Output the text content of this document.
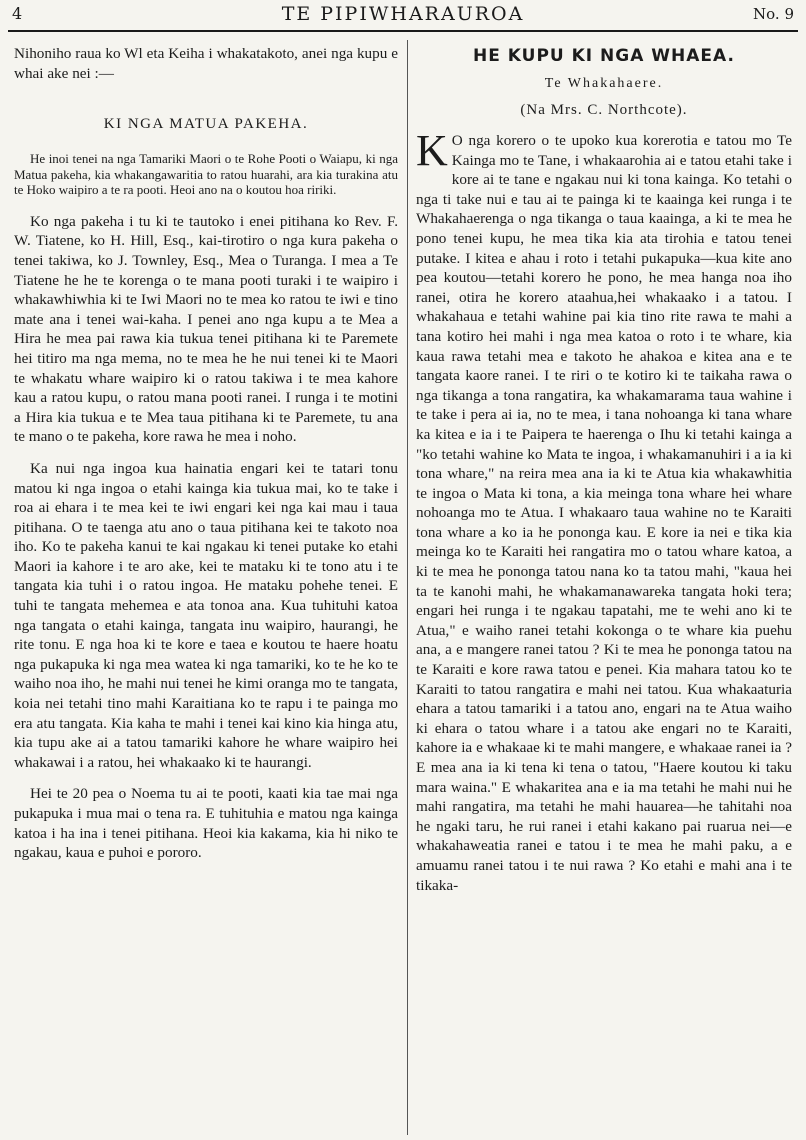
4	TE PIPIWHARAUROA	No. 9

Nihoniho raua ko Wl eta Keiha i whakatakoto, anei nga kupu e whai ake nei :—

KI NGA MATUA PAKEHA.

He inoi tenei na nga Tamariki Maori o te Rohe Pooti o Waiapu, ki nga Matua pakeha, kia whakangawaritia to ratou huarahi, ara kia turakina atu te Hoko waipiro a te ra pooti. Heoi ano na o koutou hoa ririki.

Ko nga pakeha i tu ki te tautoko i enei pitihana ko Rev. F. W. Tiatene, ko H. Hill, Esq., kai-tirotiro o nga kura pakeha o tenei takiwa, ko J. Townley, Esq., Mea o Turanga. I mea a Te Tiatene he he te korenga o te mana pooti turaki i te waipiro i whakawhiwhia ki te Iwi Maori no te mea ko ratou te iwi e tino mate ana i tenei wai-kaha. I penei ano nga kupu a te Mea a Hira he mea pai rawa kia tukua tenei pitihana ki te Paremete hei titiro ma nga mema, no te mea he he nui tenei ki te Maori te whakatu whare waipiro ki o ratou takiwa i te mea kahore kau a ratou kupu, o ratou mana pooti ranei. I runga i te motini a Hira kia tukua e te Mea taua pitihana ki te Paremete, tu ana te mano o te pakeha, kore rawa he mea i noho.

Ka nui nga ingoa kua hainatia engari kei te tatari tonu matou ki nga ingoa o etahi kainga kia tukua mai, ko te take i roa ai ehara i te mea kei te iwi engari kei nga kai mau i taua pitihana. O te taenga atu ano o taua pitihana kei te takoto noa iho. Ko te pakeha kanui te kai ngakau ki tenei putake ko etahi Maori ia kahore i te aro ake, kei te mataku ki te tono atu i te tangata kia tuhi i o ratou ingoa. He mataku pohehe tenei. E tuhi te tangata mehemea e ata tonoa ana. Kua tuhituhi katoa nga tangata o etahi kainga, tangata inu waipiro, haurangi, he rite tonu. E nga hoa ki te kore e taea e koutou te haere hoatu nga pukapuka ki nga mea watea ki nga tamariki, ko te he ko te waiho noa iho, he mahi nui tenei he kimi oranga mo te tangata, koia nei tetahi tino mahi Karaitiana ko te rapu i te painga mo era atu tangata. Kia kaha te mahi i tenei kai kino kia hinga atu, kia tupu ake ai a tatou tamariki kahore he whare waipiro hei whakawai i a ratou, hei whakaako ki te haurangi.

Hei te 20 pea o Noema tu ai te pooti, kaati kia tae mai nga pukapuka i mua mai o tena ra. E tuhituhia e matou nga kainga katoa i ha ina i tenei pitihana. Heoi kia kakama, kia hi niko te ngakau, kaua e puhoi e pororo.

HE KUPU KI NGA WHAEA.
Te Whakahaere.
(Na Mrs. C. Northcote).

K O nga korero o te upoko kua korerotia e tatou mo Te Kainga mo te Tane, i whakaarohia ai e tatou etahi take i kore ai te tane e ngakau nui ki tona kainga. Ko tetahi o nga ti take nui e tau ai te painga ki te kaainga kei runga i te Whakahaerenga o nga tikanga o taua kaainga, a ki te mea he pono tenei kupu, he mea tika kia ata tirohia e tatou tenei putake. I kitea e ahau i roto i tetahi pukapuka—kua kite ano pea koutou—tetahi korero he pono, he mea hanga noa iho ranei, otira he korero ataahua,hei whakaako i a tatou. I whakahaua e tetahi wahine pai kia tino rite rawa te mahi a tana kotiro hei mahi i nga mea katoa o roto i te whare, kia kaua rawa tetahi mea e takoto he ahakoa e kitea ana e te tangata kaore ranei. I te riri o te kotiro ki te taikaha rawa o nga tikanga a tona rangatira, ka whakamarama taua wahine i te take i pera ai ia, no te mea, i tana nohoanga ki tana whare ka kitea e ia i te Paipera te haerenga o Ihu ki tetahi kainga a "ko tetahi wahine ko Mata te ingoa, i whakamanuhiri i a ia ki tona whare," na reira mea ana ia ki te Atua kia whakawhitia te ingoa o Mata ki tona, a kia meinga tona whare hei whare nohoanga mo te Atua. I whakaaro taua wahine no te Karaiti tona whare a ko ia he pononga kau. E kore ia nei e tika kia meinga ko te Karaiti hei rangatira mo o tatou whare katoa, a ki te mea he pononga tatou nana ko ta tatou mahi, "kaua hei ta te kanohi mahi, he whakamanawareka tangata hoki tera; engari hei runga i te ngakau tapatahi, me te wehi ano ki te Atua," e waiho ranei tetahi kokonga o te whare kia puehu ana, a e mangere ranei tatou ? Ki te mea he pononga tatou na te Karaiti e kore rawa tatou e penei. Kia mahara tatou ko te Karaiti to tatou rangatira e mahi nei tatou. Kua whakaaturia ehara a tatou tamariki i a tatou ano, engari na te Atua waiho ki ehara o tatou whare i a tatou ake engari no te Karaiti, kahore ia e whakaae ki te mahi mangere, e whakaae ranei ia ? E mea ana ia ki tena ki tena o tatou, "Haere koutou ki taku mara waina." E whakaritea ana e ia ma tetahi he mahi nui he mahi rangatira, ma tetahi he mahi hauarea—he tahitahi noa he ngaki taru, he rui ranei i etahi kakano pai ruarua nei—e whakahaweatia ranei e tatou i te mea he mahi paku, a e amuamu ranei tatou i te nui rawa ? Ko etahi e mahi ana i te tikaka-
